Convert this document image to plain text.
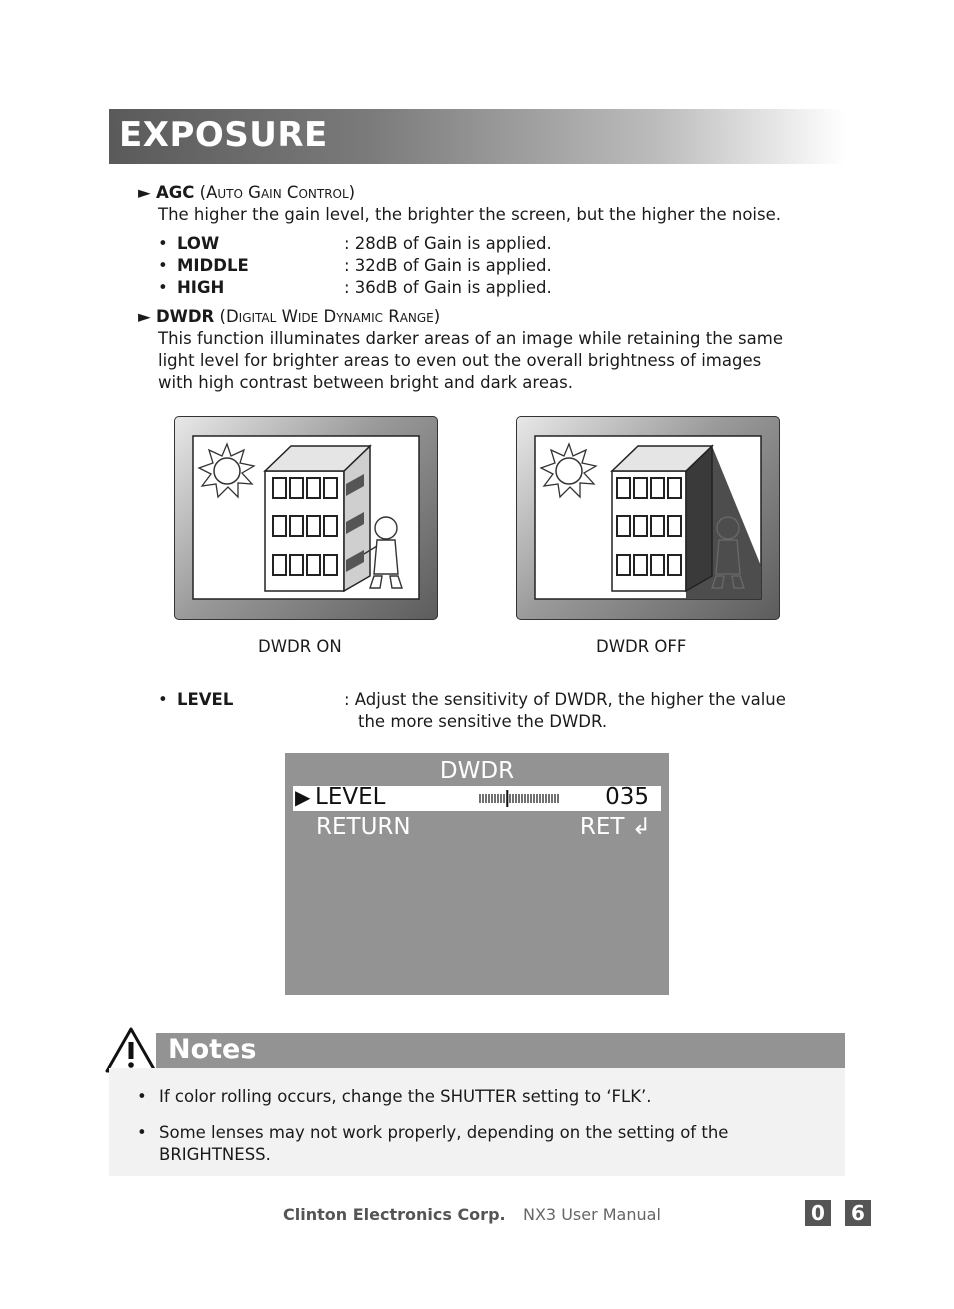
EXPOSURE
► AGC (Auto Gain Control)
The higher the gain level, the brighter the screen, but the higher the noise.
• LOW	: 28dB of Gain is applied.
• MIDDLE	: 32dB of Gain is applied.
• HIGH	: 36dB of Gain is applied.
► DWDR (Digital Wide Dynamic Range)
This function illuminates darker areas of an image while retaining the same
light level for brighter areas to even out the overall brightness of images
with high contrast between bright and dark areas.
DWDR ON	DWDR OFF
• LEVEL	: Adjust the sensitivity of DWDR, the higher the value
the more sensitive the DWDR.
DWDR
▶ LEVEL	035
RETURN	RET ↲
Notes
• If color rolling occurs, change the SHUTTER setting to ‘FLK’.
• Some lenses may not work properly, depending on the setting of the
BRIGHTNESS.
Clinton Electronics Corp. NX3 User Manual	0	6
